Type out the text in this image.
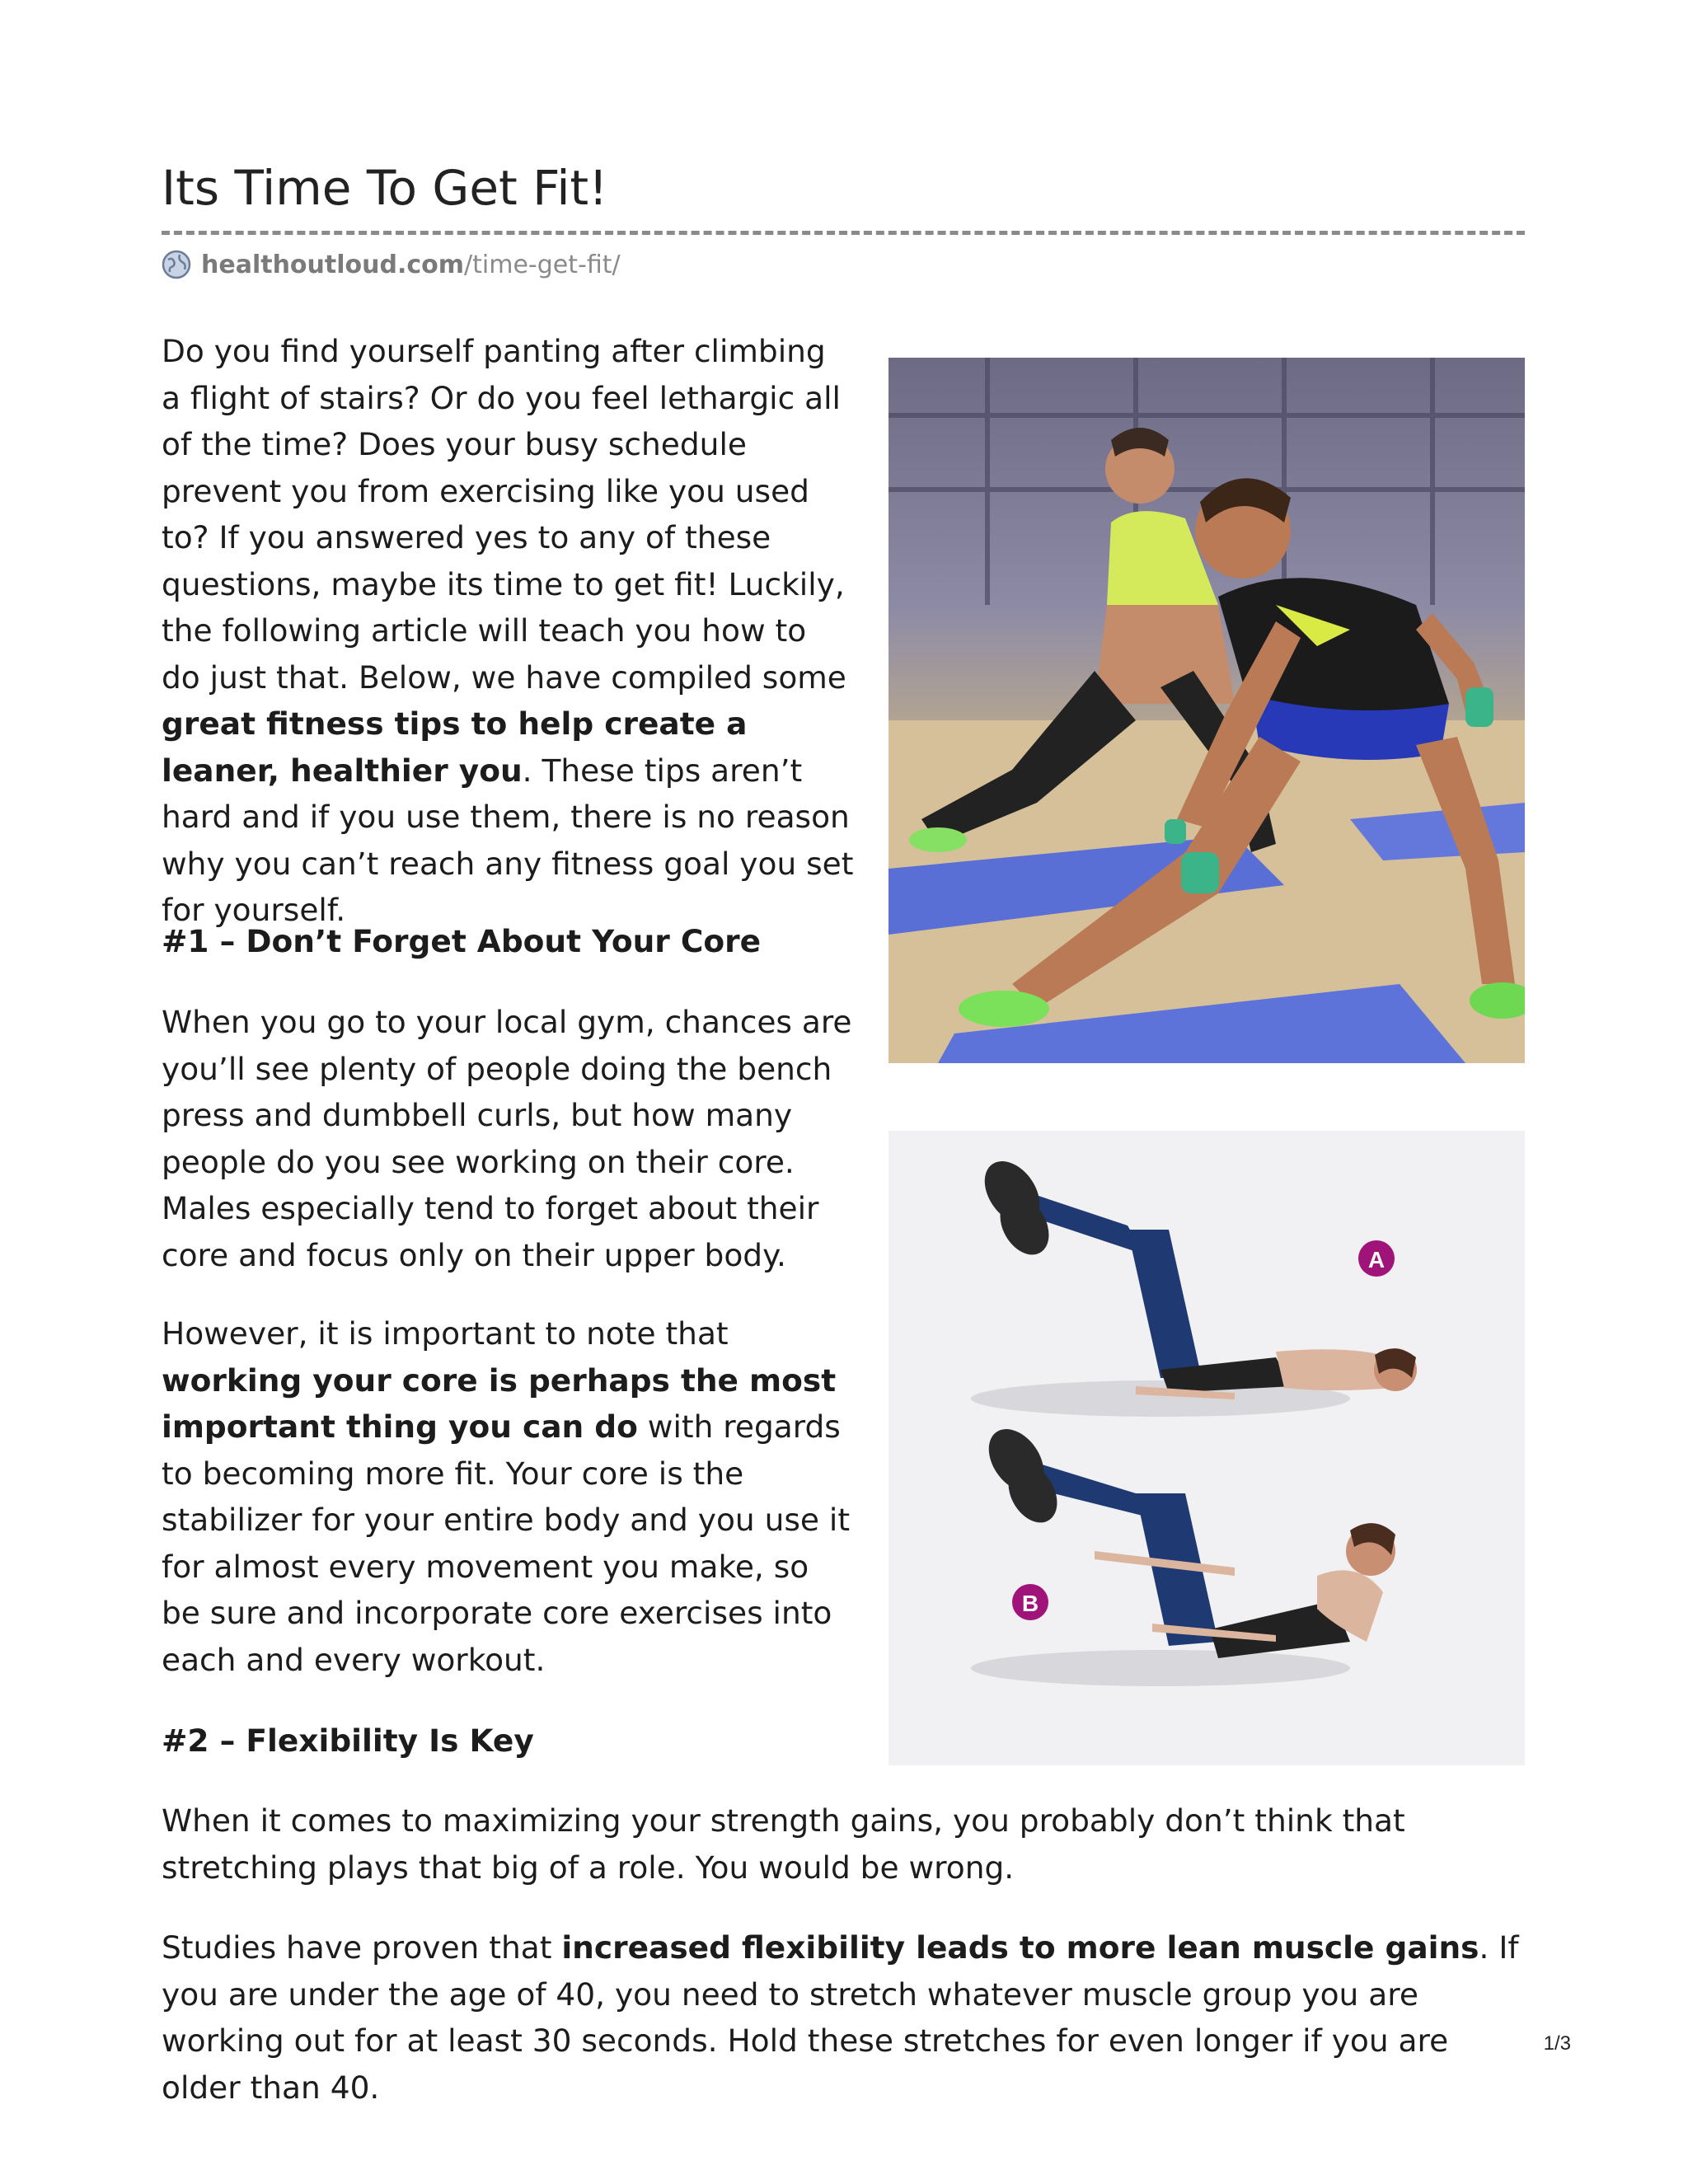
Its Time To Get Fit!
healthoutloud.com /time-get-fit/

Do you find yourself panting after climbing a flight of stairs? Or do you feel lethargic all of the time? Does your busy schedule prevent you from exercising like you used to? If you answered yes to any of these questions, maybe its time to get fit! Luckily, the following article will teach you how to do just that. Below, we have compiled some great fitness tips to help create a leaner, healthier you. These tips aren’t hard and if you use them, there is no reason why you can’t reach any fitness goal you set for yourself.

#1 – Don’t Forget About Your Core

When you go to your local gym, chances are you’ll see plenty of people doing the bench press and dumbbell curls, but how many people do you see working on their core. Males especially tend to forget about their core and focus only on their upper body.

However, it is important to note that working your core is perhaps the most important thing you can do with regards to becoming more fit. Your core is the stabilizer for your entire body and you use it for almost every movement you make, so be sure and incorporate core exercises into each and every workout.

#2 – Flexibility Is Key

When it comes to maximizing your strength gains, you probably don’t think that stretching plays that big of a role. You would be wrong.

Studies have proven that increased flexibility leads to more lean muscle gains. If you are under the age of 40, you need to stretch whatever muscle group you are working out for at least 30 seconds. Hold these stretches for even longer if you are older than 40.

A
B
1/3
